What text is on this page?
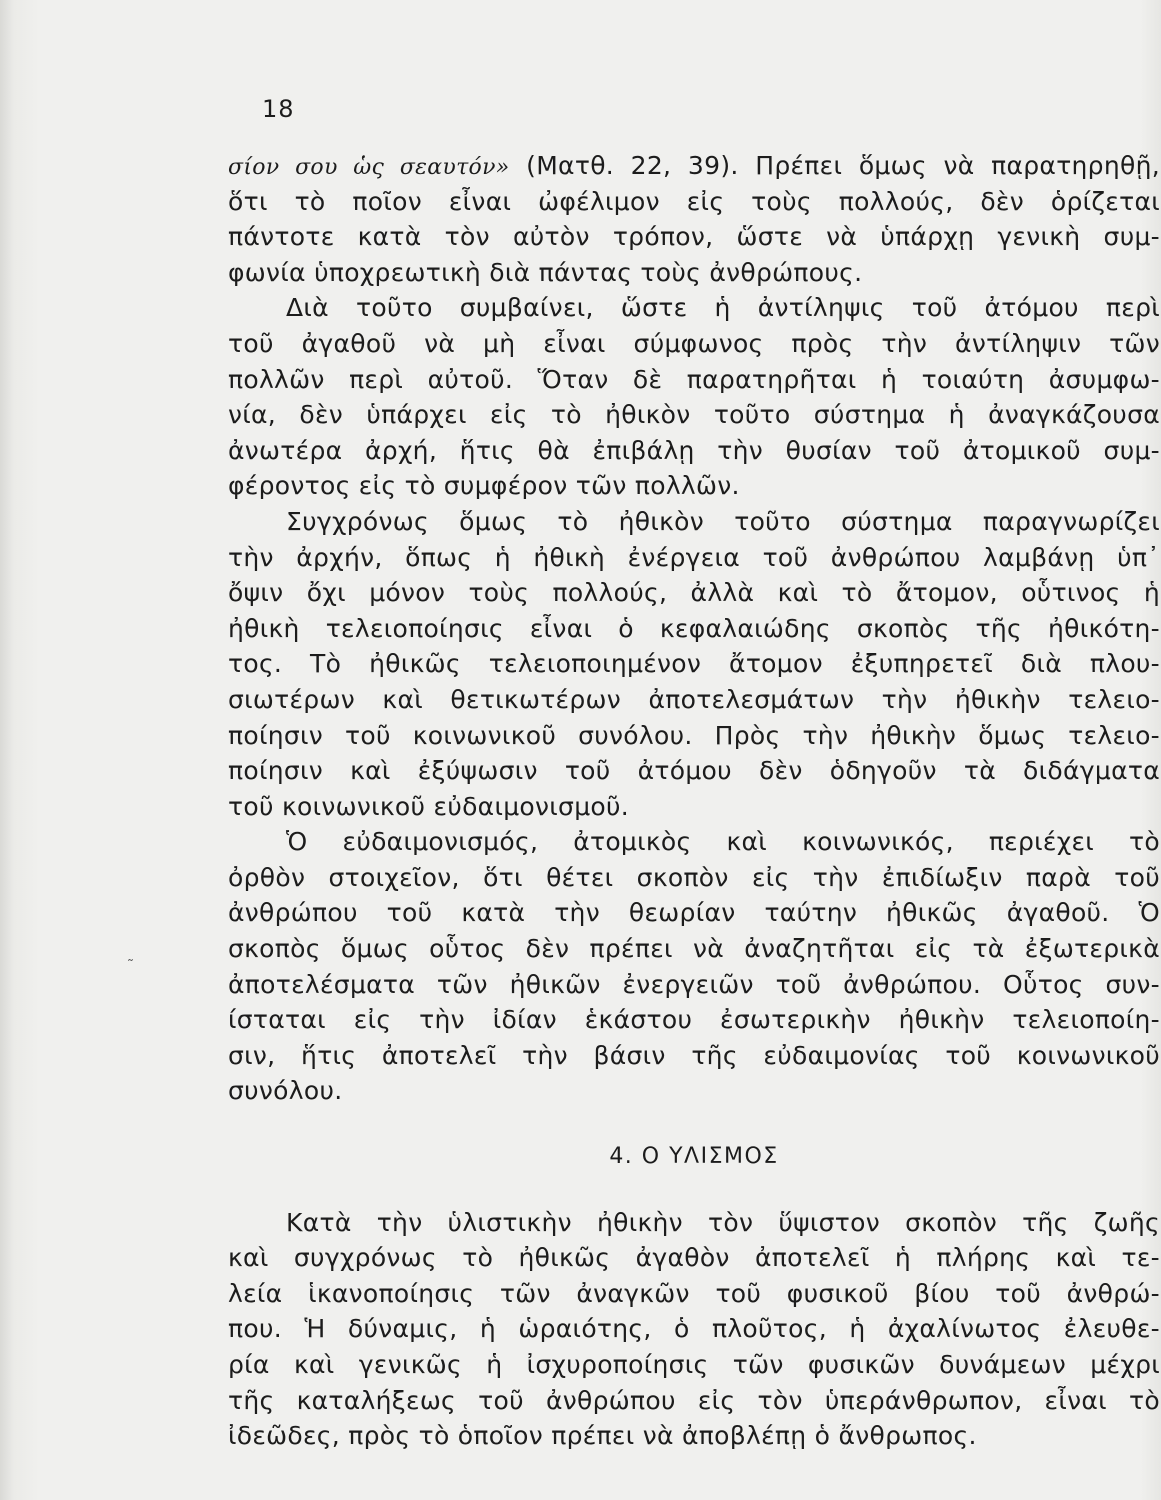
18
˜
σίον σου ὡς σεαυτόν» (Ματθ. 22, 39). Πρέπει ὅμως νὰ παρατηρηθῇ,
ὅτι τὸ ποῖον εἶναι ὠφέλιμον εἰς τοὺς πολλούς, δὲν ὁρίζεται
πάντοτε κατὰ τὸν αὐτὸν τρόπον, ὥστε νὰ ὑπάρχῃ γενικὴ συμ-
φωνία ὑποχρεωτικὴ διὰ πάντας τοὺς ἀνθρώπους.
Διὰ τοῦτο συμβαίνει, ὥστε ἡ ἀντίληψις τοῦ ἀτόμου περὶ
τοῦ ἀγαθοῦ νὰ μὴ εἶναι σύμφωνος πρὸς τὴν ἀντίληψιν τῶν
πολλῶν περὶ αὐτοῦ. Ὅταν δὲ παρατηρῆται ἡ τοιαύτη ἀσυμφω-
νία, δὲν ὑπάρχει εἰς τὸ ἠθικὸν τοῦτο σύστημα ἡ ἀναγκάζουσα
ἀνωτέρα ἀρχή, ἥτις θὰ ἐπιβάλῃ τὴν θυσίαν τοῦ ἀτομικοῦ συμ-
φέροντος εἰς τὸ συμφέρον τῶν πολλῶν.
Συγχρόνως ὅμως τὸ ἠθικὸν τοῦτο σύστημα παραγνωρίζει
τὴν ἀρχήν, ὅπως ἡ ἠθικὴ ἐνέργεια τοῦ ἀνθρώπου λαμβάνῃ ὑπ᾽
ὄψιν ὄχι μόνον τοὺς πολλούς, ἀλλὰ καὶ τὸ ἄτομον, οὗτινος ἡ
ἠθικὴ τελειοποίησις εἶναι ὁ κεφαλαιώδης σκοπὸς τῆς ἠθικότη-
τος. Τὸ ἠθικῶς τελειοποιημένον ἄτομον ἐξυπηρετεῖ διὰ πλου-
σιωτέρων καὶ θετικωτέρων ἀποτελεσμάτων τὴν ἠθικὴν τελειο-
ποίησιν τοῦ κοινωνικοῦ συνόλου. Πρὸς τὴν ἠθικὴν ὅμως τελειο-
ποίησιν καὶ ἐξύψωσιν τοῦ ἀτόμου δὲν ὁδηγοῦν τὰ διδάγματα
τοῦ κοινωνικοῦ εὐδαιμονισμοῦ.
Ὁ εὐδαιμονισμός, ἀτομικὸς καὶ κοινωνικός, περιέχει τὸ
ὀρθὸν στοιχεῖον, ὅτι θέτει σκοπὸν εἰς τὴν ἐπιδίωξιν παρὰ τοῦ
ἀνθρώπου τοῦ κατὰ τὴν θεωρίαν ταύτην ἠθικῶς ἀγαθοῦ. Ὁ
σκοπὸς ὅμως οὗτος δὲν πρέπει νὰ ἀναζητῆται εἰς τὰ ἐξωτερικὰ
ἀποτελέσματα τῶν ἠθικῶν ἐνεργειῶν τοῦ ἀνθρώπου. Οὗτος συν-
ίσταται εἰς τὴν ἰδίαν ἑκάστου ἐσωτερικὴν ἠθικὴν τελειοποίη-
σιν, ἥτις ἀποτελεῖ τὴν βάσιν τῆς εὐδαιμονίας τοῦ κοινωνικοῦ
συνόλου.
4. Ο ΥΛΙΣΜΟΣ
Κατὰ τὴν ὑλιστικὴν ἠθικὴν τὸν ὕψιστον σκοπὸν τῆς ζωῆς
καὶ συγχρόνως τὸ ἠθικῶς ἀγαθὸν ἀποτελεῖ ἡ πλήρης καὶ τε-
λεία ἱκανοποίησις τῶν ἀναγκῶν τοῦ φυσικοῦ βίου τοῦ ἀνθρώ-
που. Ἡ δύναμις, ἡ ὡραιότης, ὁ πλοῦτος, ἡ ἀχαλίνωτος ἐλευθε-
ρία καὶ γενικῶς ἡ ἰσχυροποίησις τῶν φυσικῶν δυνάμεων μέχρι
τῆς καταλήξεως τοῦ ἀνθρώπου εἰς τὸν ὑπεράνθρωπον, εἶναι τὸ
ἰδεῶδες, πρὸς τὸ ὁποῖον πρέπει νὰ ἀποβλέπῃ ὁ ἄνθρωπος.
